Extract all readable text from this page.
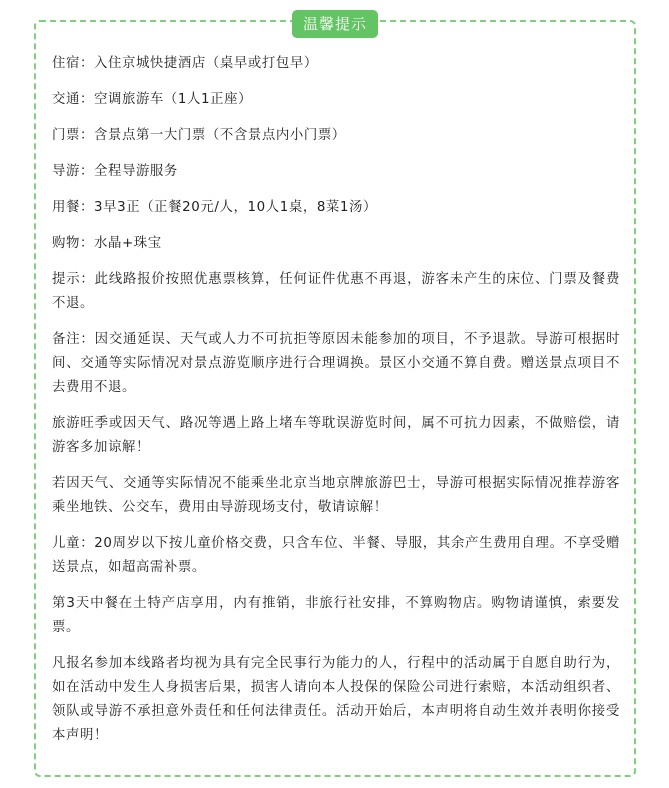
温馨提示

住宿：入住京城快捷酒店（桌早或打包早）

交通：空调旅游车（1人1正座）

门票：含景点第一大门票（不含景点内小门票）

导游：全程导游服务

用餐：3早3正（正餐20元/人，10人1桌，8菜1汤）

购物：水晶+珠宝

提示：此线路报价按照优惠票核算，任何证件优惠不再退，游客未产生的床位、门票及餐费不退。

备注：因交通延误、天气或人力不可抗拒等原因未能参加的项目，不予退款。导游可根据时间、交通等实际情况对景点游览顺序进行合理调换。景区小交通不算自费。赠送景点项目不去费用不退。

旅游旺季或因天气、路况等遇上路上堵车等耽误游览时间，属不可抗力因素，不做赔偿，请游客多加谅解！

若因天气、交通等实际情况不能乘坐北京当地京牌旅游巴士，导游可根据实际情况推荐游客乘坐地铁、公交车，费用由导游现场支付，敬请谅解！

儿童：20周岁以下按儿童价格交费，只含车位、半餐、导服，其余产生费用自理。不享受赠送景点，如超高需补票。

第3天中餐在土特产店享用，内有推销，非旅行社安排，不算购物店。购物请谨慎，索要发票。

凡报名参加本线路者均视为具有完全民事行为能力的人，行程中的活动属于自愿自助行为，如在活动中发生人身损害后果，损害人请向本人投保的保险公司进行索赔，本活动组织者、领队或导游不承担意外责任和任何法律责任。活动开始后，本声明将自动生效并表明你接受本声明！
